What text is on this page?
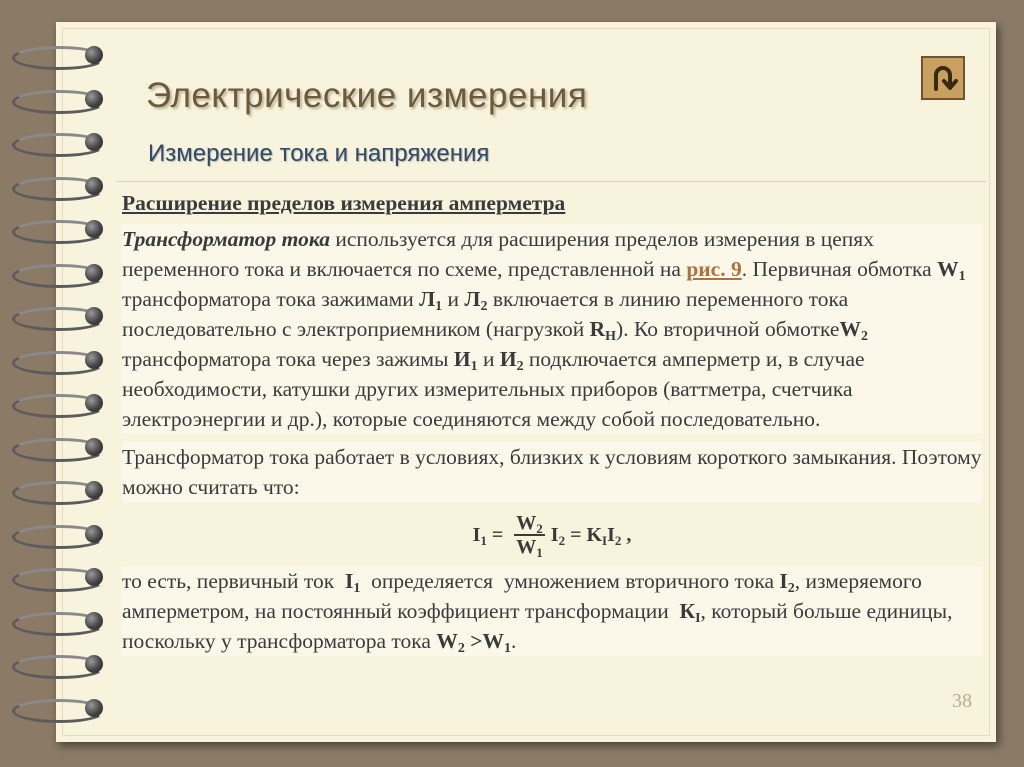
Электрические измерения
Измерение тока и напряжения

Расширение пределов измерения амперметра

Трансформатор тока используется для расширения пределов измерения в цепях переменного тока и включается по схеме, представленной на рис. 9. Первичная обмотка $W_1$ трансформатора тока зажимами $Л_1$ и $Л_2$ включается в линию переменного тока последовательно с электроприемником (нагрузкой $R_Н$). Ко вторичной обмоткеW$_2$ трансформатора тока через зажимы $И_1$ и $И_2$ подключается амперметр и, в случае необходимости, катушки других измерительных приборов (ваттметра, счетчика электроэнергии и др.), которые соединяются между собой последовательно.

Трансформатор тока работает в условиях, близких к условиям короткого замыкания. Поэтому можно считать что:

$I_1 = \frac{W_2}{W_1} I_2 = K_I$ $I_2$ ,

то есть, первичный ток  $I_1$  определяется  умножением вторичного тока $I_2$, измеряемого амперметром, на постоянный коэффициент трансформации  $К_I$, который больше единицы, поскольку у трансформатора тока $W_2 >W_1$.

38
